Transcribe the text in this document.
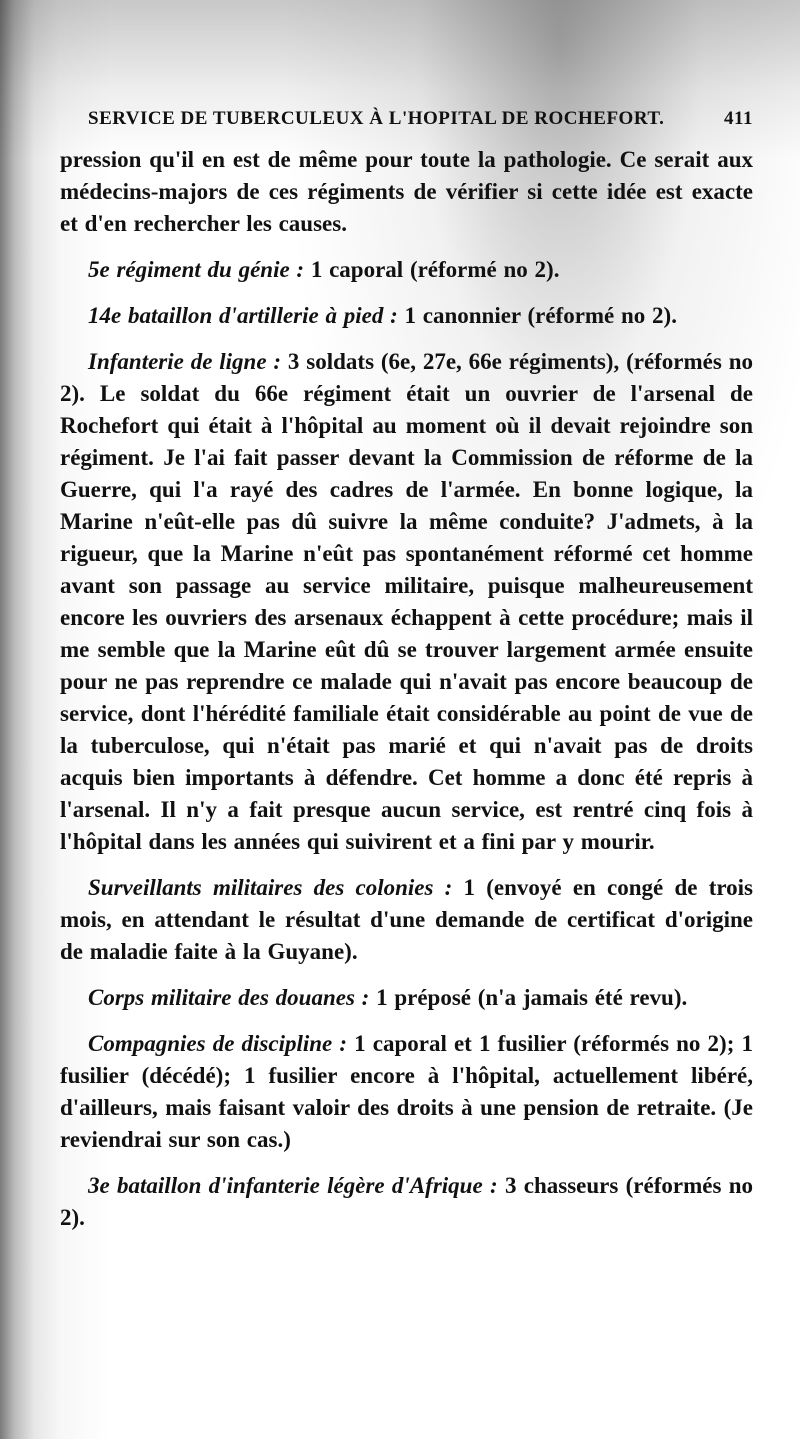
SERVICE DE TUBERCULEUX À L'HOPITAL DE ROCHEFORT.	411

pression qu'il en est de même pour toute la pathologie. Ce serait aux médecins-majors de ces régiments de vérifier si cette idée est exacte et d'en rechercher les causes.

5e régiment du génie : 1 caporal (réformé no 2).

14e bataillon d'artillerie à pied : 1 canonnier (réformé no 2).

Infanterie de ligne : 3 soldats (6e, 27e, 66e régiments), (réformés no 2). Le soldat du 66e régiment était un ouvrier de l'arsenal de Rochefort qui était à l'hôpital au moment où il devait rejoindre son régiment. Je l'ai fait passer devant la Commission de réforme de la Guerre, qui l'a rayé des cadres de l'armée. En bonne logique, la Marine n'eût-elle pas dû suivre la même conduite? J'admets, à la rigueur, que la Marine n'eût pas spontanément réformé cet homme avant son passage au service militaire, puisque malheureusement encore les ouvriers des arsenaux échappent à cette procédure; mais il me semble que la Marine eût dû se trouver largement armée ensuite pour ne pas reprendre ce malade qui n'avait pas encore beaucoup de service, dont l'hérédité familiale était considérable au point de vue de la tuberculose, qui n'était pas marié et qui n'avait pas de droits acquis bien importants à défendre. Cet homme a donc été repris à l'arsenal. Il n'y a fait presque aucun service, est rentré cinq fois à l'hôpital dans les années qui suivirent et a fini par y mourir.

Surveillants militaires des colonies : 1 (envoyé en congé de trois mois, en attendant le résultat d'une demande de certificat d'origine de maladie faite à la Guyane).

Corps militaire des douanes : 1 préposé (n'a jamais été revu).

Compagnies de discipline : 1 caporal et 1 fusilier (réformés no 2); 1 fusilier (décédé); 1 fusilier encore à l'hôpital, actuellement libéré, d'ailleurs, mais faisant valoir des droits à une pension de retraite. (Je reviendrai sur son cas.)

3e bataillon d'infanterie légère d'Afrique : 3 chasseurs (réformés no 2).
